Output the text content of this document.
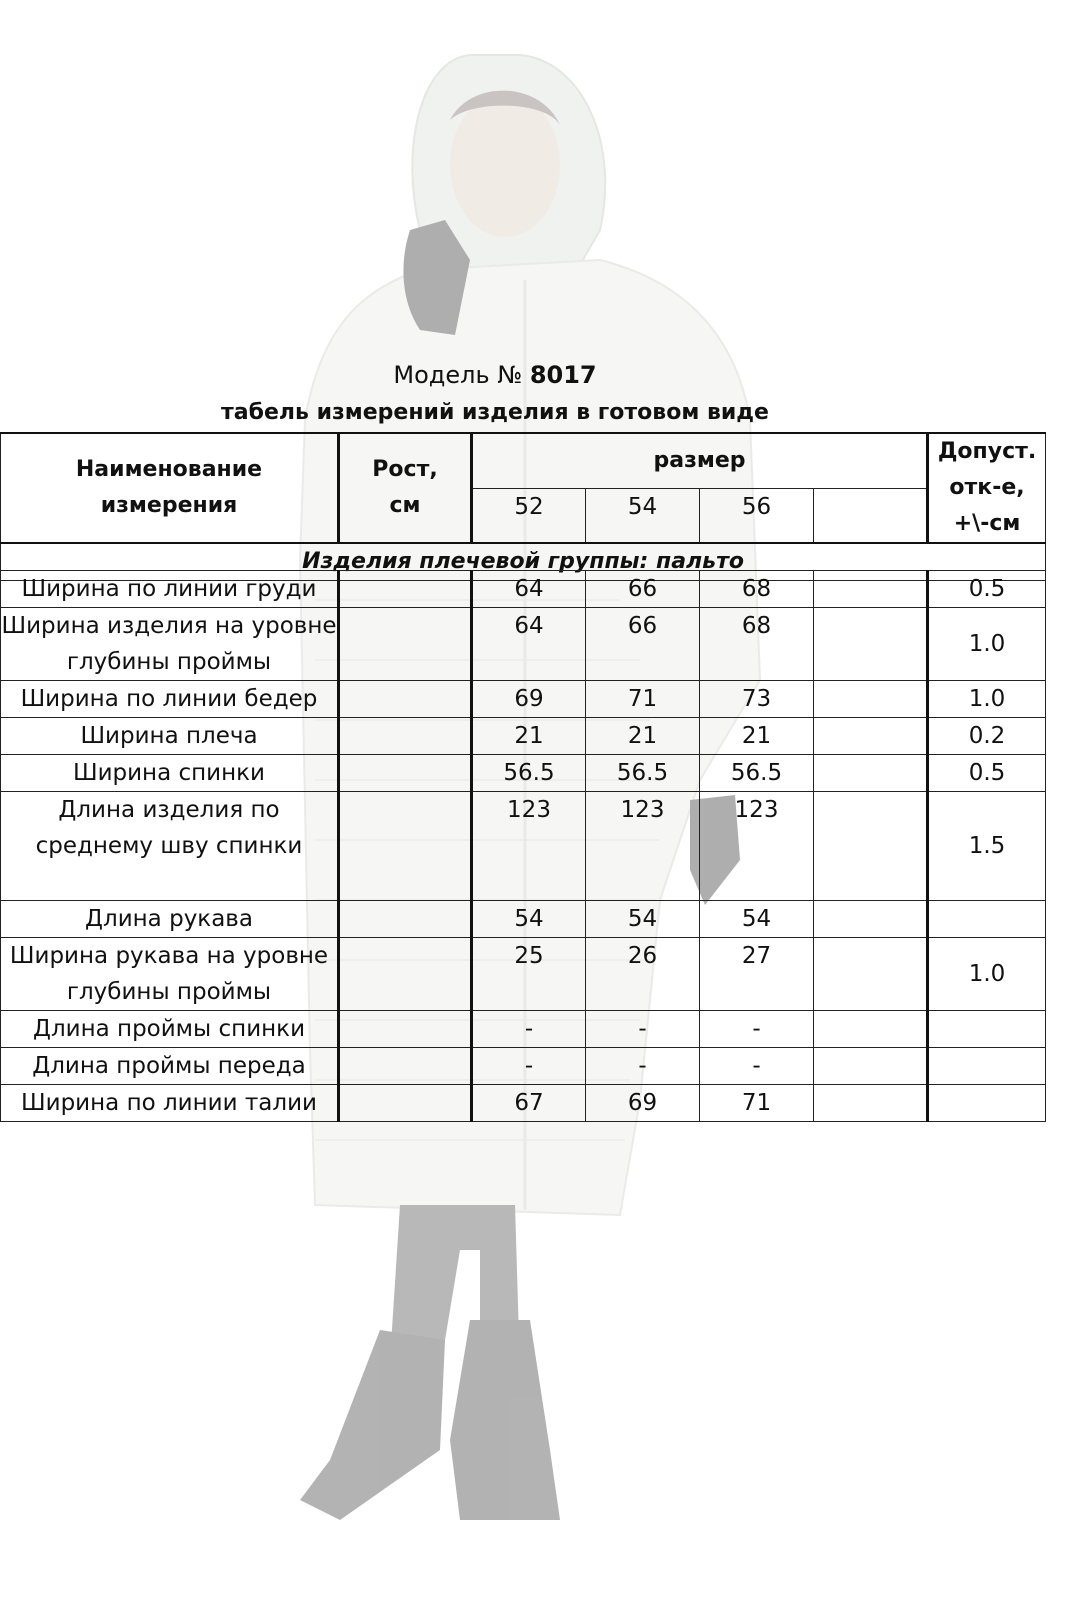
Модель № 8017
табель измерений изделия в готовом виде
Наименование измерения	Рост, см	размер				Допуст. отк-е, +\-см
		52	54	56		
Изделия плечевой группы: пальто						
Ширина по линии груди		64	66	68		0.5
Ширина изделия на уровне глубины проймы		64	66	68		1.0
Ширина по линии бедер		69	71	73		1.0
Ширина плеча		21	21	21		0.2
Ширина спинки		56.5	56.5	56.5		0.5
Длина изделия по среднему шву спинки		123	123	123		1.5
Длина рукава		54	54	54		
Ширина рукава на уровне глубины проймы		25	26	27		1.0
Длина проймы спинки		-	-	-		
Длина проймы переда		-	-	-		
Ширина по линии талии		67	69	71		
